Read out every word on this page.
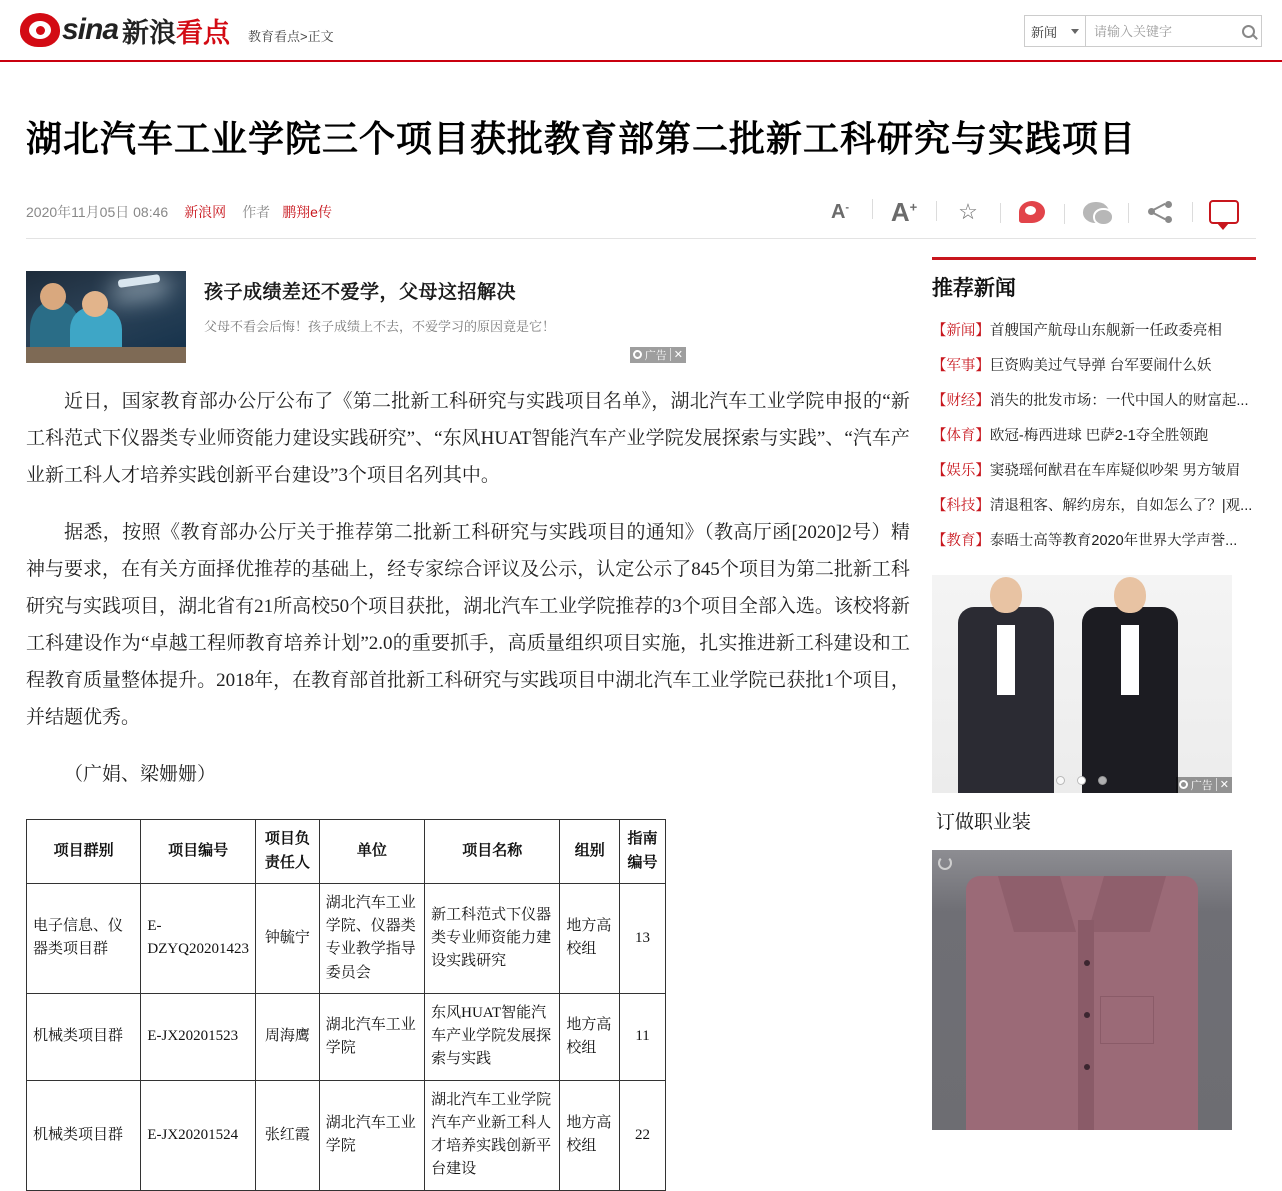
sina 新浪看点 教育看点>正文	新闻
请输入关键字
湖北汽车工业学院三个项目获批教育部第二批新工科研究与实践项目
2020年11月05日 08:46 新浪网 作者 鹏翔e传	A- A+ ☆
孩子成绩差还不爱学，父母这招解决
父母不看会后悔！孩子成绩上不去，不爱学习的原因竟是它！
广告 ✕

近日，国家教育部办公厅公布了《第二批新工科研究与实践项目名单》，湖北汽车工业学院申报的“新工科范式下仪器类专业师资能力建设实践研究”、“东风HUAT智能汽车产业学院发展探索与实践”、“汽车产业新工科人才培养实践创新平台建设”3个项目名列其中。

据悉，按照《教育部办公厅关于推荐第二批新工科研究与实践项目的通知》（教高厅函[2020]2号）精神与要求，在有关方面择优推荐的基础上，经专家综合评议及公示，认定公示了845个项目为第二批新工科研究与实践项目，湖北省有21所高校50个项目获批，湖北汽车工业学院推荐的3个项目全部入选。该校将新工科建设作为“卓越工程师教育培养计划”2.0的重要抓手，高质量组织项目实施，扎实推进新工科建设和工程教育质量整体提升。2018年，在教育部首批新工科研究与实践项目中湖北汽车工业学院已获批1个项目，并结题优秀。

（广娟、梁姗姗）

项目群别	项目编号	项目负责任人	单位	项目名称	组别	指南编号
电子信息、仪器类项目群	E-DZYQ20201423	钟毓宁	湖北汽车工业学院、仪器类专业教学指导委员会	新工科范式下仪器类专业师资能力建设实践研究	地方高校组	13
机械类项目群	E-JX20201523	周海鹰	湖北汽车工业学院	东风HUAT智能汽车产业学院发展探索与实践	地方高校组	11
机械类项目群	E-JX20201524	张红霞	湖北汽车工业学院	湖北汽车工业学院汽车产业新工科人才培养实践创新平台建设	地方高校组	22
推荐新闻
【新闻】 首艘国产航母山东舰新一任政委亮相
【军事】 巨资购美过气导弹 台军要闹什么妖
【财经】 消失的批发市场：一代中国人的财富起...
【体育】 欧冠-梅西进球 巴萨2-1夺全胜领跑
【娱乐】 窦骁瑶何猷君在车库疑似吵架 男方皱眉
【科技】 清退租客、解约房东，自如怎么了？|观...
【教育】 泰晤士高等教育2020年世界大学声誉...
广告 ✕
订做职业装
